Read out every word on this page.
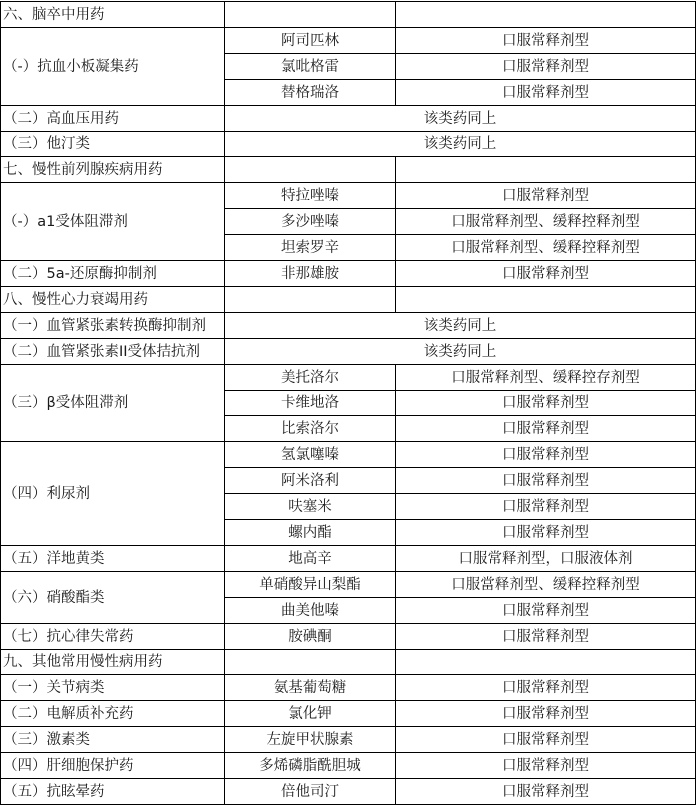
六、脑卒中用药
（-）抗血小板凝集药
阿司匹林	口服常释剂型
氯吡格雷	口服常释剂型
替格瑞洛	口服常释剂型
（二）高血压用药	该类药同上
（三）他汀类	该类药同上
七、慢性前列腺疾病用药
（-）a1受体阻滞剂
特拉唑嗪	口服常释剂型
多沙唑嗪	口服常释剂型、缓释控释剂型
坦索罗辛	口服常释剂型、缓释控释剂型
（二）5a-还原酶抑制剂	非那雄胺	口服常释剂型
八、慢性心力衰竭用药
（一）血管紧张素转换酶抑制剂	该类药同上
（二）血管紧张素II受体拮抗剂	该类药同上
（三）β受体阻滞剂
美托洛尔	口服常释剂型、缓释控存剂型
卡维地洛	口服常释剂型
比索洛尔	口服常释剂型
（四）利尿剂
氢氯噻嗪	口服常释剂型
阿米洛利	口服常释剂型
呋塞米	口服常释剂型
螺内酯	口服常释剂型
（五）洋地黄类	地高辛	口服常释剂型，口服液体剂
（六）硝酸酯类
单硝酸异山梨酯	口服當释剂型、缓释控释剂型
曲美他嗪	口服常释剂型
（七）抗心律失常药	胺碘酮	口服常释剂型
九、其他常用慢性病用药
（一）关节病类	氨基葡萄糖	口服常释剂型
（二）电解质补充药	氯化钾	口服常释剂型
（三）激素类	左旋甲状腺素	口服常释剂型
（四）肝细胞保护药	多烯磷脂酰胆城	口服常释剂型
（五）抗眩晕药	倍他司汀	口服常释剂型
